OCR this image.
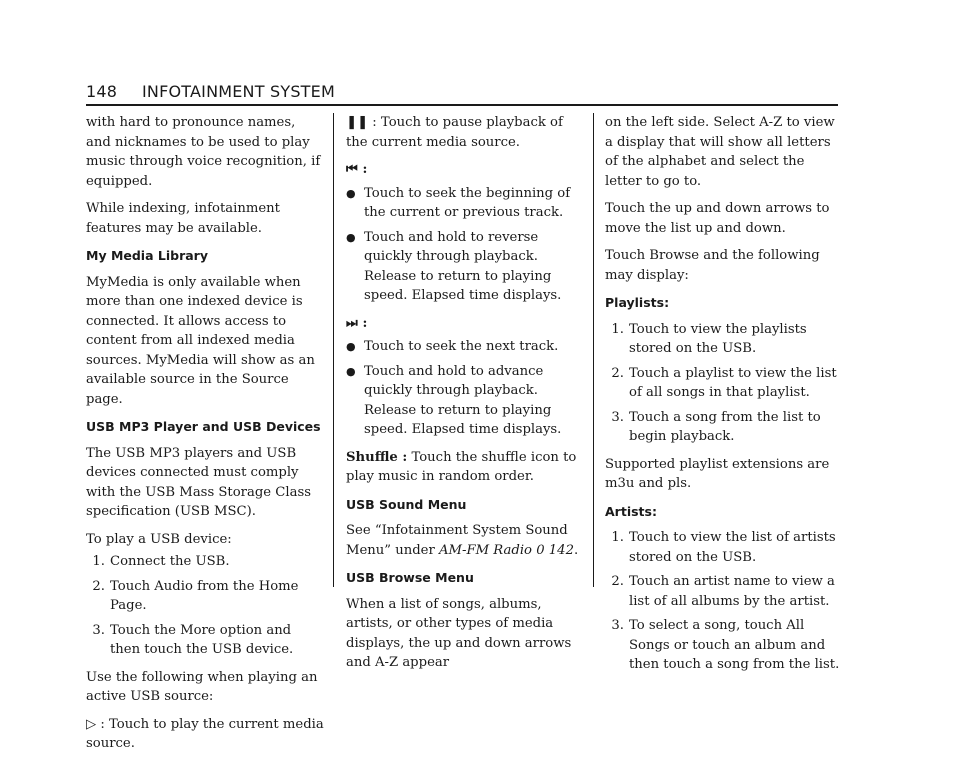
148 INFOTAINMENT SYSTEM

with hard to pronounce names, and nicknames to be used to play music through voice recognition, if equipped.

While indexing, infotainment features may be available.

My Media Library

MyMedia is only available when more than one indexed device is connected. It allows access to content from all indexed media sources. MyMedia will show as an available source in the Source page.

USB MP3 Player and USB Devices

The USB MP3 players and USB devices connected must comply with the USB Mass Storage Class specification (USB MSC).

To play a USB device:

1. Connect the USB.
2. Touch Audio from the Home Page.
3. Touch the More option and then touch the USB device.

Use the following when playing an active USB source:

▷ : Touch to play the current media source.

❚❚ : Touch to pause playback of the current media source.

⏮ :

● Touch to seek the beginning of the current or previous track.
● Touch and hold to reverse quickly through playback. Release to return to playing speed. Elapsed time displays.

⏭ :

● Touch to seek the next track.
● Touch and hold to advance quickly through playback. Release to return to playing speed. Elapsed time displays.

Shuffle : Touch the shuffle icon to play music in random order.

USB Sound Menu

See “Infotainment System Sound Menu” under AM-FM Radio 0 142.

USB Browse Menu

When a list of songs, albums, artists, or other types of media displays, the up and down arrows and A-Z appear

on the left side. Select A-Z to view a display that will show all letters of the alphabet and select the letter to go to.

Touch the up and down arrows to move the list up and down.

Touch Browse and the following may display:

Playlists:

1. Touch to view the playlists stored on the USB.
2. Touch a playlist to view the list of all songs in that playlist.
3. Touch a song from the list to begin playback.

Supported playlist extensions are m3u and pls.

Artists:

1. Touch to view the list of artists stored on the USB.
2. Touch an artist name to view a list of all albums by the artist.
3. To select a song, touch All Songs or touch an album and then touch a song from the list.
